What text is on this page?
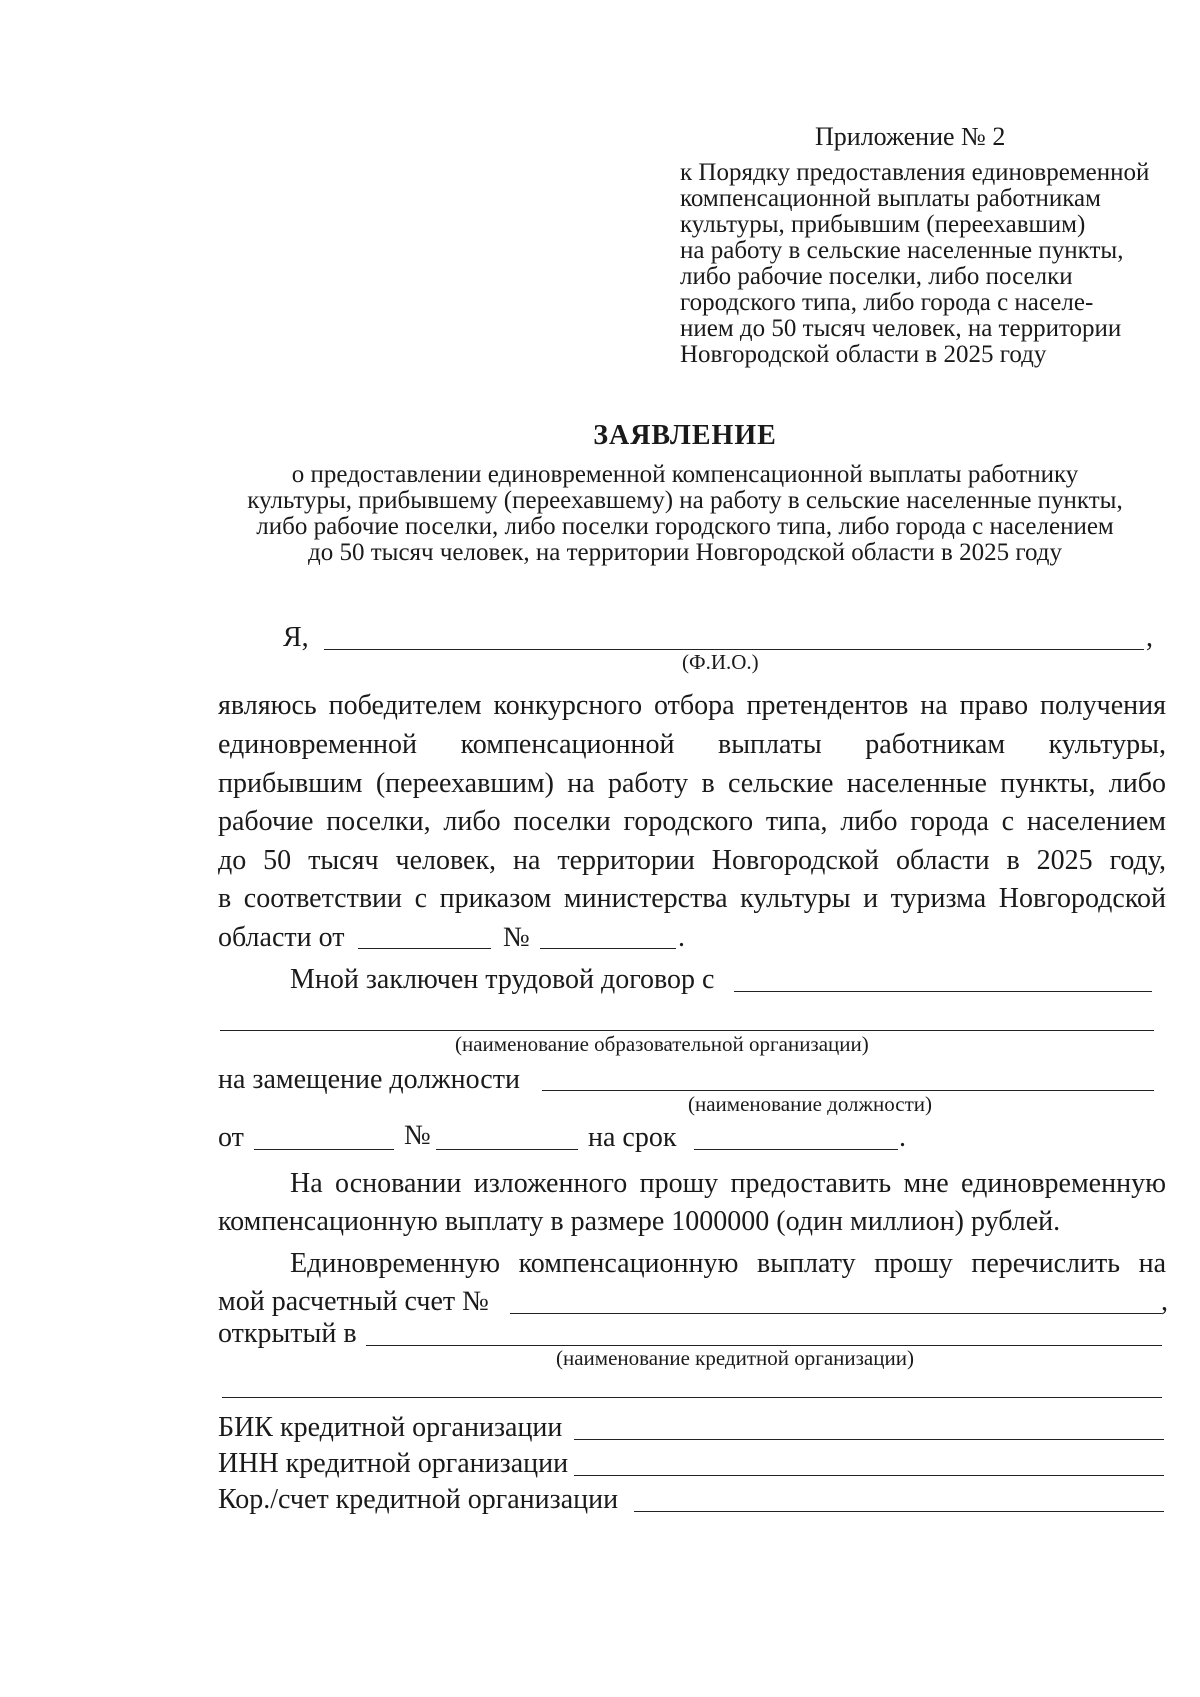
Приложение № 2
к Порядку предоставления единовременной
компенсационной выплаты работникам
культуры, прибывшим (переехавшим)
на работу в сельские населенные пункты,
либо рабочие поселки, либо поселки
городского типа, либо города с населе-
нием до 50 тысяч человек, на территории
Новгородской области в 2025 году
ЗАЯВЛЕНИЕ
о предоставлении единовременной компенсационной выплаты работнику
культуры, прибывшему (переехавшему) на работу в сельские населенные пункты,
либо рабочие поселки, либо поселки городского типа, либо города с населением
до 50 тысяч человек, на территории Новгородской области в 2025 году
Я,	,
(Ф.И.О.)
являюсь победителем конкурсного отбора претендентов на право получения
единовременной компенсационной выплаты работникам культуры,
прибывшим (переехавшим) на работу в сельские населенные пункты, либо
рабочие поселки, либо поселки городского типа, либо города с населением
до 50 тысяч человек, на территории Новгородской области в 2025 году,
в соответствии с приказом министерства культуры и туризма Новгородской
области от	№	.
Мной заключен трудовой договор с
(наименование образовательной организации)
на замещение должности
(наименование должности)
от	№	на срок	.
На основании изложенного прошу предоставить мне единовременную
компенсационную выплату в размере 1000000 (один миллион) рублей.
Единовременную компенсационную выплату прошу перечислить на
мой расчетный счет №	,
открытый в
(наименование кредитной организации)
БИК кредитной организации
ИНН кредитной организации
Кор./счет кредитной организации
